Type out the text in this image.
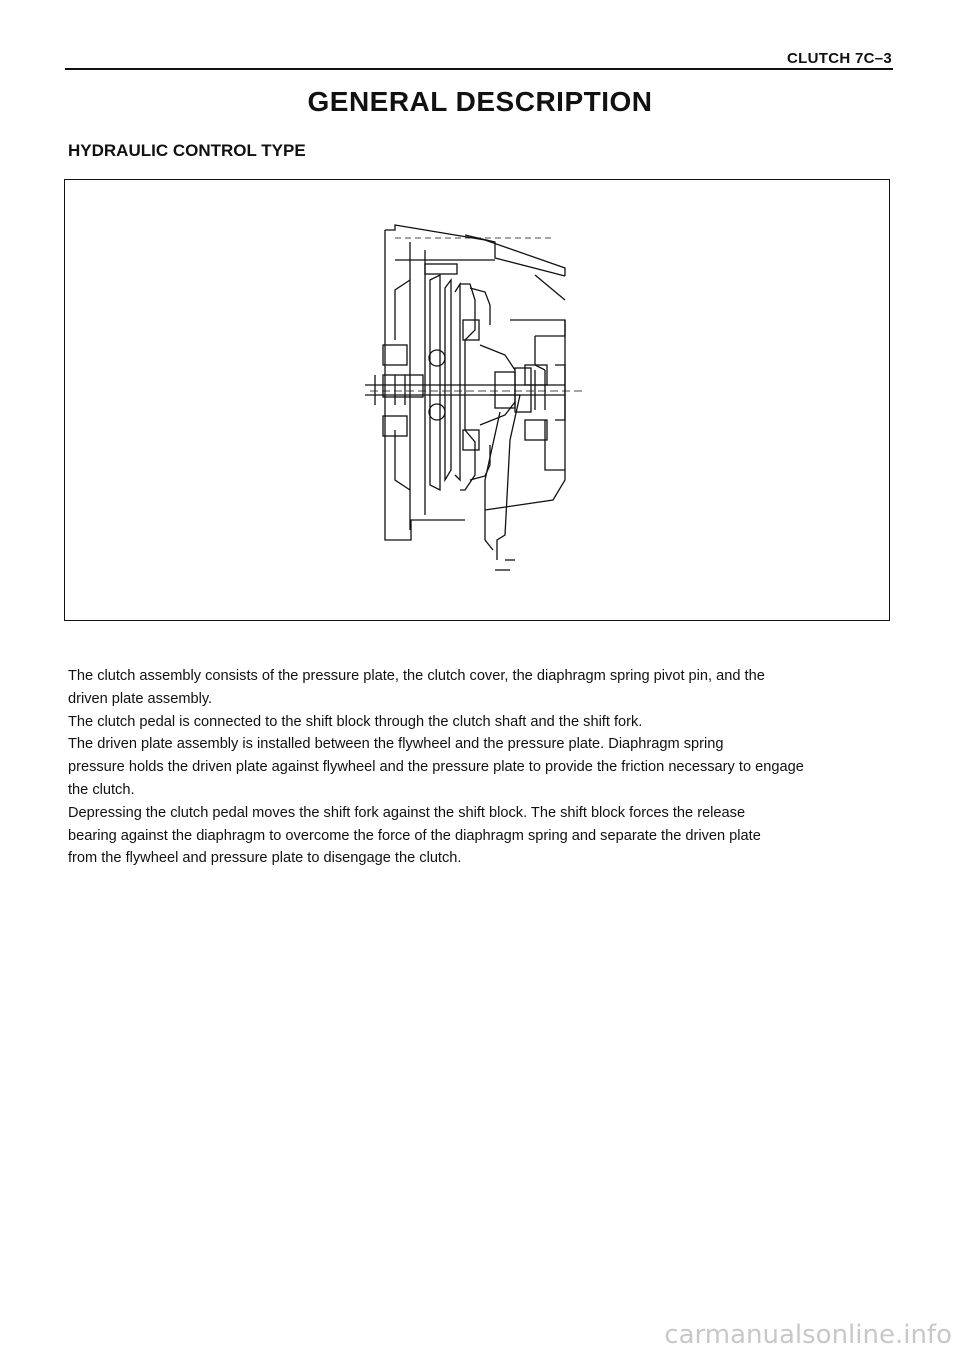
CLUTCH 7C–3
GENERAL DESCRIPTION
HYDRAULIC CONTROL TYPE

The clutch assembly consists of the pressure plate, the clutch cover, the diaphragm spring pivot pin, and the

driven plate assembly.

The clutch pedal is connected to the shift block through the clutch shaft and the shift fork.

The driven plate assembly is installed between the flywheel and the pressure plate. Diaphragm spring

pressure holds the driven plate against flywheel and the pressure plate to provide the friction necessary to engage

the clutch.

Depressing the clutch pedal moves the shift fork against the shift block. The shift block forces the release

bearing against the diaphragm to overcome the force of the diaphragm spring and separate the driven plate

from the flywheel and pressure plate to disengage the clutch.

carmanualsonline.info
